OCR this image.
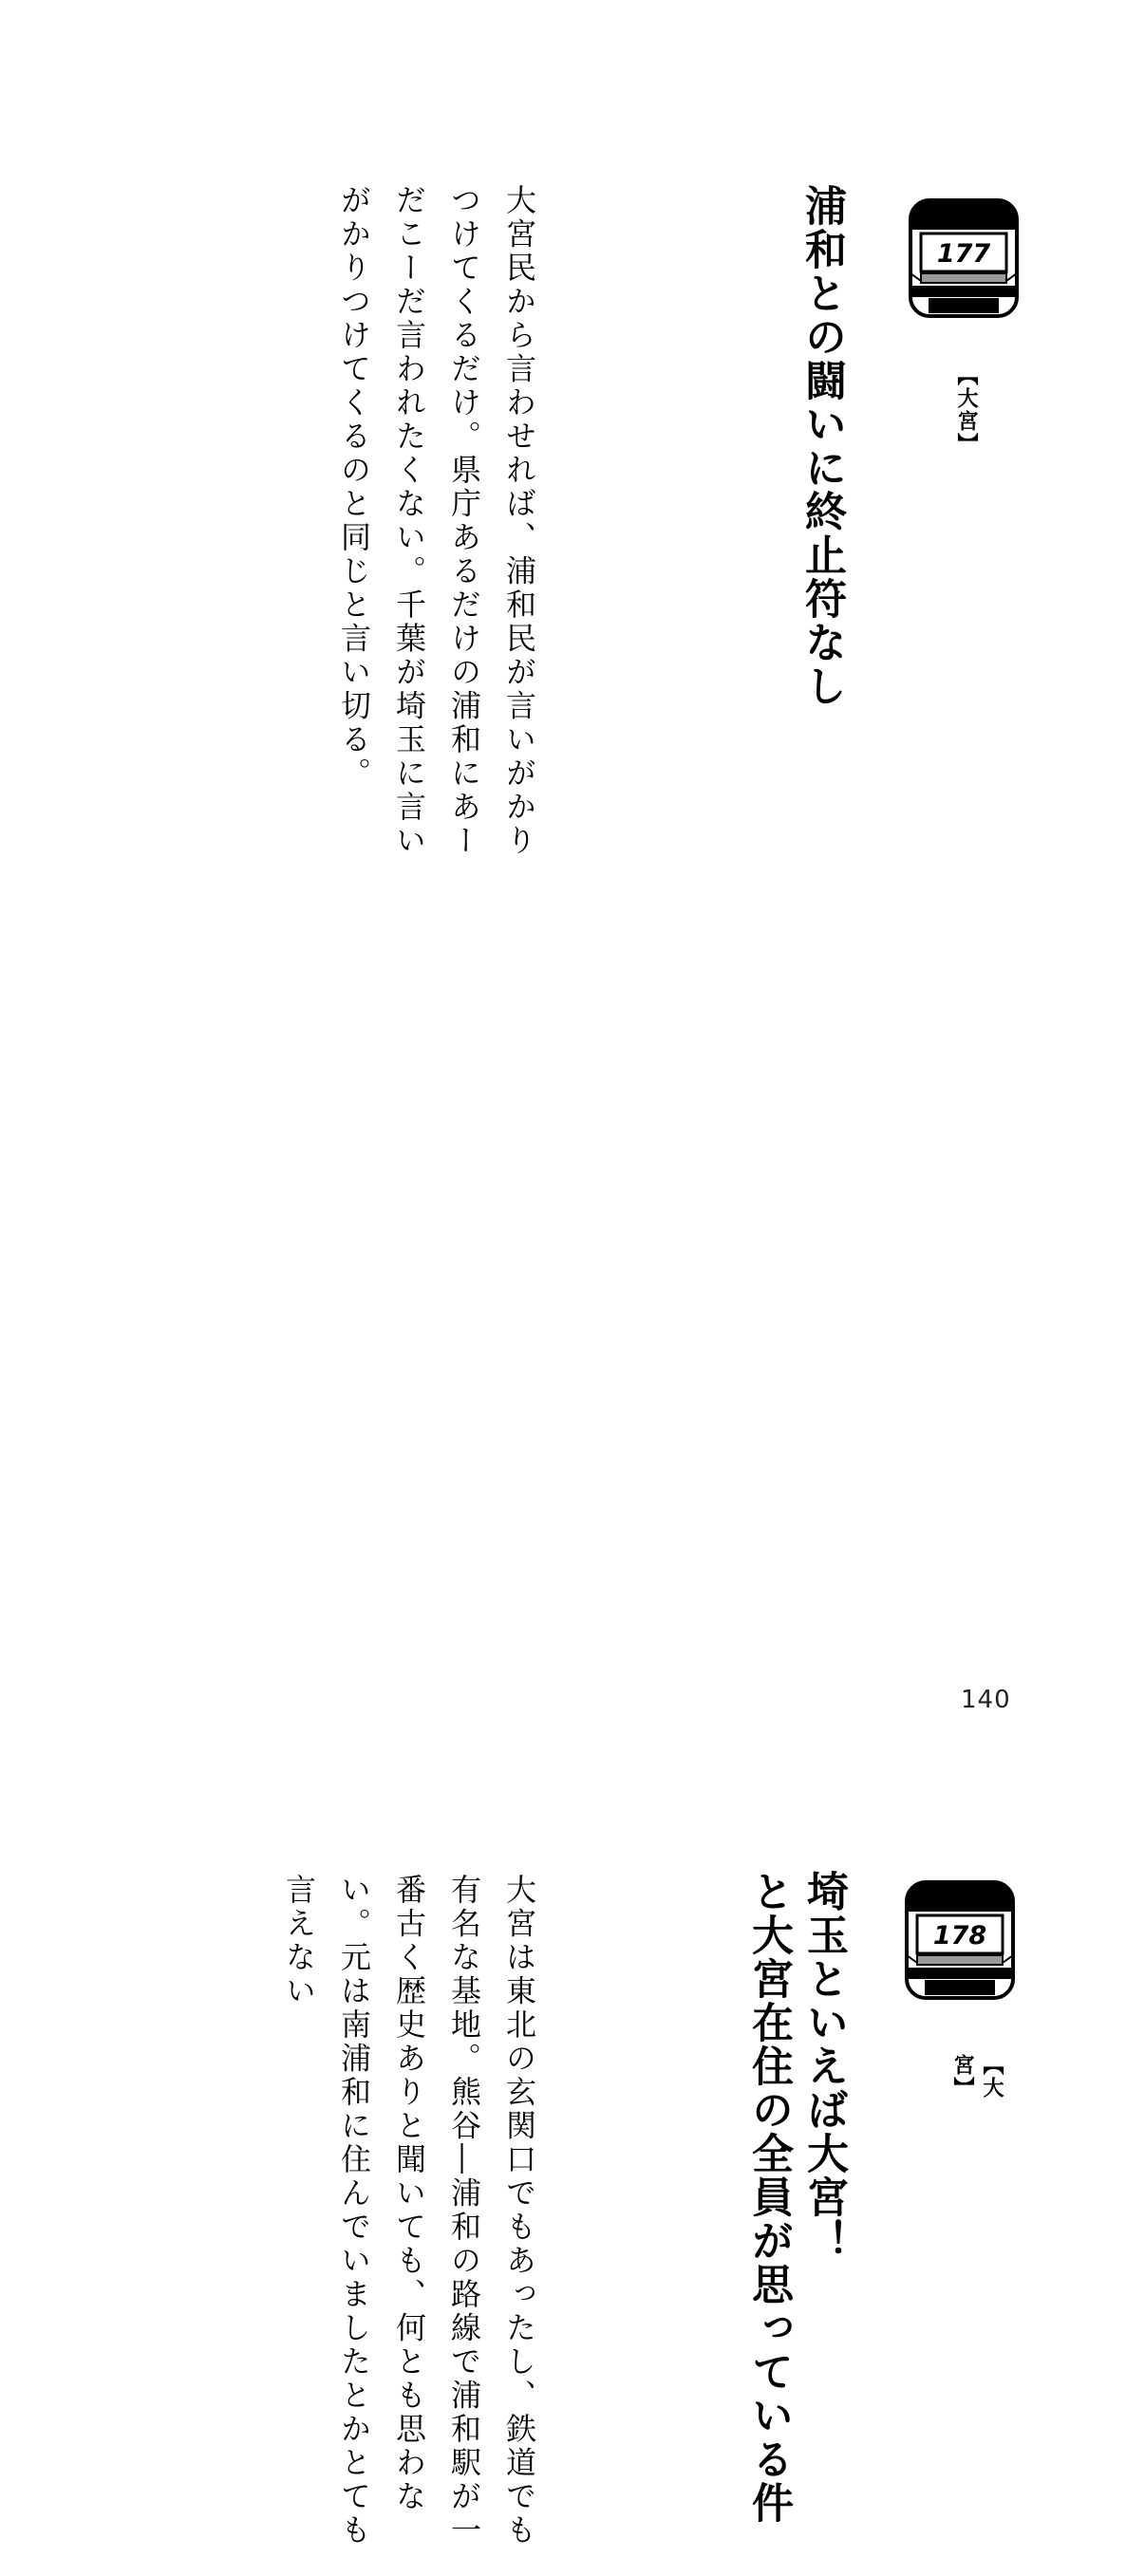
177
【大宮】
浦和との闘いに終止符なし

大宮民から言わせれば、浦和民が言いがかりつけてくるだけ。県庁あるだけの浦和にあーだこーだ言われたくない。千葉が埼玉に言いがかりつけてくるのと同じと言い切る。

178
【大宮】
埼玉といえば大宮！
と大宮在住の全員が思っている件

大宮は東北の玄関口でもあったし、鉄道でも有名な基地。熊谷―浦和の路線で浦和駅が一番古く歴史ありと聞いても、何とも思わない。元は南浦和に住んでいましたとかとても言えない

140
